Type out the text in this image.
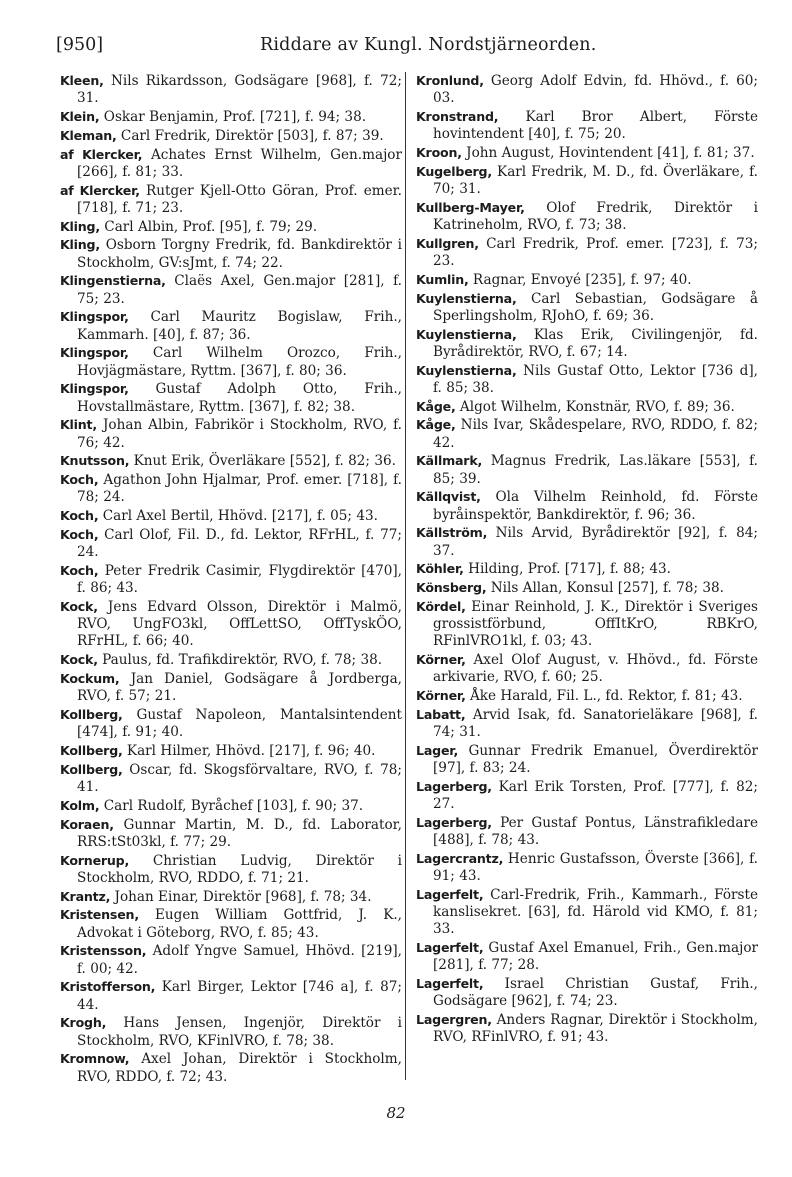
[950]	Riddare av Kungl. Nordstjärneorden.

Kleen, Nils Rikardsson, Godsägare [968], f. 72; 31.

Klein, Oskar Benjamin, Prof. [721], f. 94; 38.

Kleman, Carl Fredrik, Direktör [503], f. 87; 39.

af Klercker, Achates Ernst Wilhelm, Gen.major [266], f. 81; 33.

af Klercker, Rutger Kjell-Otto Göran, Prof. emer. [718], f. 71; 23.

Kling, Carl Albin, Prof. [95], f. 79; 29.

Kling, Osborn Torgny Fredrik, fd. Bankdirektör i Stockholm, GV:sJmt, f. 74; 22.

Klingenstierna, Claës Axel, Gen.major [281], f. 75; 23.

Klingspor, Carl Mauritz Bogislaw, Frih., Kammarh. [40], f. 87; 36.

Klingspor, Carl Wilhelm Orozco, Frih., Hovjägmästare, Ryttm. [367], f. 80; 36.

Klingspor, Gustaf Adolph Otto, Frih., Hovstallmästare, Ryttm. [367], f. 82; 38.

Klint, Johan Albin, Fabrikör i Stockholm, RVO, f. 76; 42.

Knutsson, Knut Erik, Överläkare [552], f. 82; 36.

Koch, Agathon John Hjalmar, Prof. emer. [718], f. 78; 24.

Koch, Carl Axel Bertil, Hhövd. [217], f. 05; 43.

Koch, Carl Olof, Fil. D., fd. Lektor, RFrHL, f. 77; 24.

Koch, Peter Fredrik Casimir, Flygdirektör [470], f. 86; 43.

Kock, Jens Edvard Olsson, Direktör i Malmö, RVO, UngFO3kl, OffLettSO, OffTyskÖO, RFrHL, f. 66; 40.

Kock, Paulus, fd. Trafikdirektör, RVO, f. 78; 38.

Kockum, Jan Daniel, Godsägare å Jordberga, RVO, f. 57; 21.

Kollberg, Gustaf Napoleon, Mantalsintendent [474], f. 91; 40.

Kollberg, Karl Hilmer, Hhövd. [217], f. 96; 40.

Kollberg, Oscar, fd. Skogsförvaltare, RVO, f. 78; 41.

Kolm, Carl Rudolf, Byråchef [103], f. 90; 37.

Koraen, Gunnar Martin, M. D., fd. Laborator, RRS:tSt03kl, f. 77; 29.

Kornerup, Christian Ludvig, Direktör i Stockholm, RVO, RDDO, f. 71; 21.

Krantz, Johan Einar, Direktör [968], f. 78; 34.

Kristensen, Eugen William Gottfrid, J. K., Advokat i Göteborg, RVO, f. 85; 43.

Kristensson, Adolf Yngve Samuel, Hhövd. [219], f. 00; 42.

Kristofferson, Karl Birger, Lektor [746 a], f. 87; 44.

Krogh, Hans Jensen, Ingenjör, Direktör i Stockholm, RVO, KFinlVRO, f. 78; 38.

Kromnow, Axel Johan, Direktör i Stockholm, RVO, RDDO, f. 72; 43.

Kronlund, Georg Adolf Edvin, fd. Hhövd., f. 60; 03.

Kronstrand, Karl Bror Albert, Förste hovintendent [40], f. 75; 20.

Kroon, John August, Hovintendent [41], f. 81; 37.

Kugelberg, Karl Fredrik, M. D., fd. Överläkare, f. 70; 31.

Kullberg-Mayer, Olof Fredrik, Direktör i Katrineholm, RVO, f. 73; 38.

Kullgren, Carl Fredrik, Prof. emer. [723], f. 73; 23.

Kumlin, Ragnar, Envoyé [235], f. 97; 40.

Kuylenstierna, Carl Sebastian, Godsägare å Sperlingsholm, RJohO, f. 69; 36.

Kuylenstierna, Klas Erik, Civilingenjör, fd. Byrådirektör, RVO, f. 67; 14.

Kuylenstierna, Nils Gustaf Otto, Lektor [736 d], f. 85; 38.

Kåge, Algot Wilhelm, Konstnär, RVO, f. 89; 36.

Kåge, Nils Ivar, Skådespelare, RVO, RDDO, f. 82; 42.

Källmark, Magnus Fredrik, Las.läkare [553], f. 85; 39.

Källqvist, Ola Vilhelm Reinhold, fd. Förste byråinspektör, Bankdirektör, f. 96; 36.

Källström, Nils Arvid, Byrådirektör [92], f. 84; 37.

Köhler, Hilding, Prof. [717], f. 88; 43.

Könsberg, Nils Allan, Konsul [257], f. 78; 38.

Kördel, Einar Reinhold, J. K., Direktör i Sveriges grossistförbund, OffItKrO, RBKrO, RFinlVRO1kl, f. 03; 43.

Körner, Axel Olof August, v. Hhövd., fd. Förste arkivarie, RVO, f. 60; 25.

Körner, Åke Harald, Fil. L., fd. Rektor, f. 81; 43.

Labatt, Arvid Isak, fd. Sanatorieläkare [968], f. 74; 31.

Lager, Gunnar Fredrik Emanuel, Överdirektör [97], f. 83; 24.

Lagerberg, Karl Erik Torsten, Prof. [777], f. 82; 27.

Lagerberg, Per Gustaf Pontus, Länstrafikledare [488], f. 78; 43.

Lagercrantz, Henric Gustafsson, Överste [366], f. 91; 43.

Lagerfelt, Carl-Fredrik, Frih., Kammarh., Förste kanslisekret. [63], fd. Härold vid KMO, f. 81; 33.

Lagerfelt, Gustaf Axel Emanuel, Frih., Gen.major [281], f. 77; 28.

Lagerfelt, Israel Christian Gustaf, Frih., Godsägare [962], f. 74; 23.

Lagergren, Anders Ragnar, Direktör i Stockholm, RVO, RFinlVRO, f. 91; 43.

82
